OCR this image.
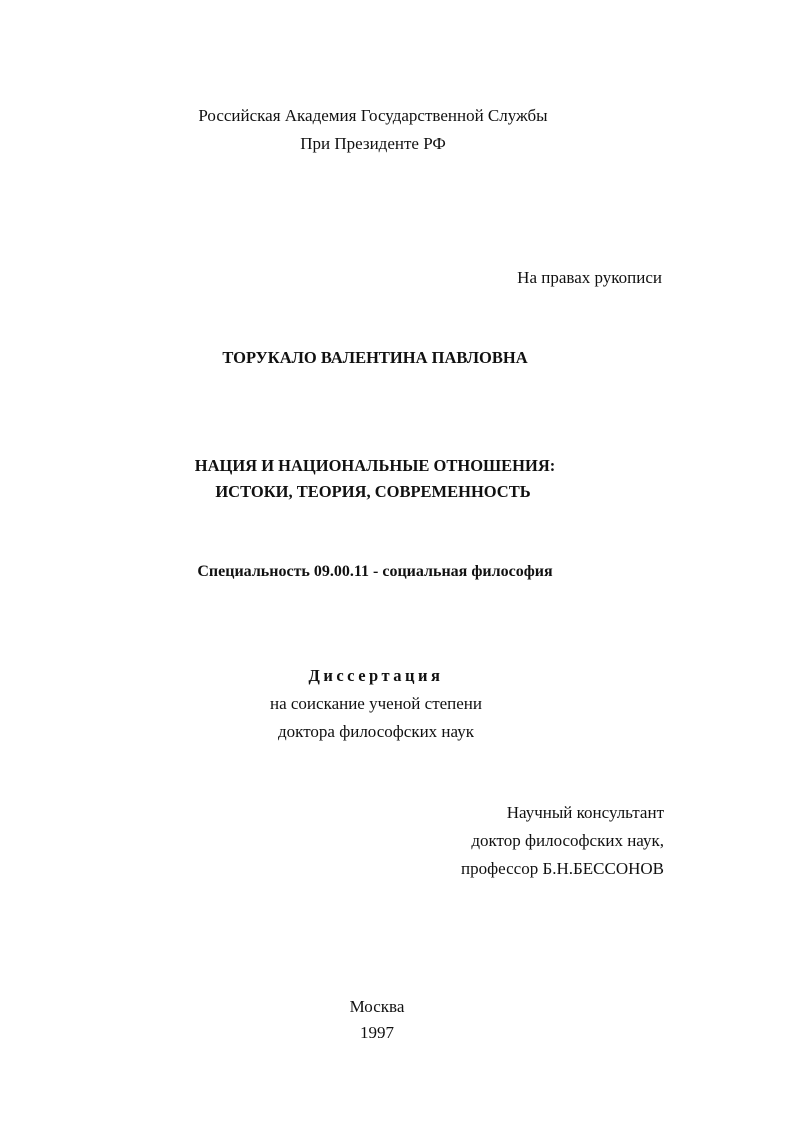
Российская Академия Государственной Службы
При Президенте РФ
На правах рукописи
ТОРУКАЛО ВАЛЕНТИНА ПАВЛОВНА
НАЦИЯ И НАЦИОНАЛЬНЫЕ ОТНОШЕНИЯ:
ИСТОКИ, ТЕОРИЯ, СОВРЕМЕННОСТЬ
Специальность 09.00.11 - социальная философия
Диссертация
на соискание ученой степени
доктора философских наук
Научный консультант
доктор философских наук,
профессор Б.Н.БЕССОНОВ
Москва
1997
